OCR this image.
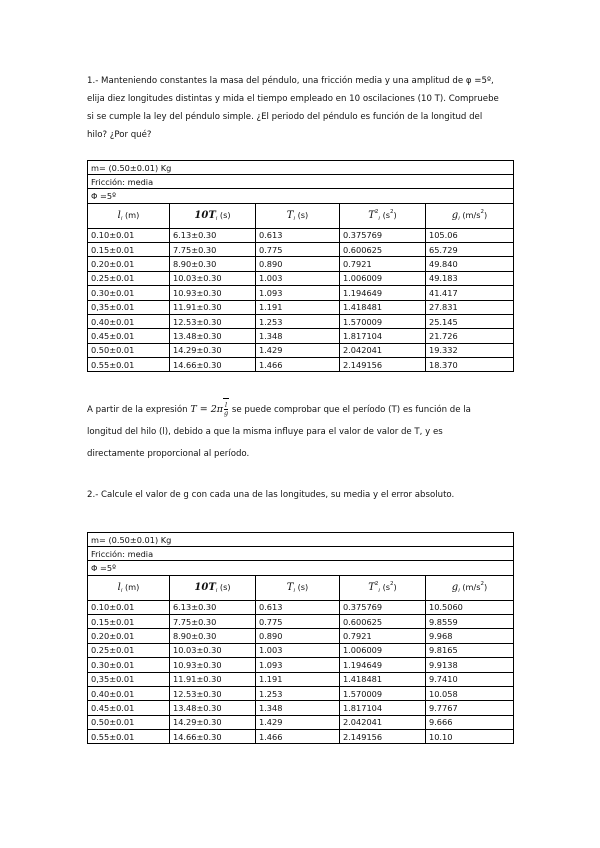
1.- Manteniendo constantes la masa del péndulo, una fricción media y una amplitud de φ =5º,
elija diez longitudes distintas y mida el tiempo empleado en 10 oscilaciones (10 T). Compruebe
si se cumple la ley del péndulo simple. ¿El periodo del péndulo es función de la longitud del
hilo? ¿Por qué?
m= (0.50±0.01) Kg				
Fricción: media				
Φ =5º				
$l_i$ (m)	$10T_i$ (s)	$T_i$ (s)	$T^2_i$ $(s^2)$	$g_i$ $(m/s^2)$
0.10±0.01	6.13±0.30	0.613	0.375769	105.06
0.15±0.01	7.75±0.30	0.775	0.600625	65.729
0.20±0.01	8.90±0.30	0.890	0.7921	49.840
0.25±0.01	10.03±0.30	1.003	1.006009	49.183
0.30±0.01	10.93±0.30	1.093	1.194649	41.417
0,35±0.01	11.91±0.30	1.191	1.418481	27.831
0.40±0.01	12.53±0.30	1.253	1.570009	25.145
0.45±0.01	13.48±0.30	1.348	1.817104	21.726
0.50±0.01	14.29±0.30	1.429	2.042041	19.332
0.55±0.01	14.66±0.30	1.466	2.149156	18.370
A partir de la expresión $T = 2\pi \frac{l}{g}$ se puede comprobar que el período (T) es función de la
longitud del hilo (l), debido a que la misma influye para el valor de valor de T, y es
directamente proporcional al período.
2.- Calcule el valor de g con cada una de las longitudes, su media y el error absoluto.
m= (0.50±0.01) Kg				
Fricción: media				
Φ =5º				
$l_i$ (m)	$10T_i$ (s)	$T_i$ (s)	$T^2_i$ $(s^2)$	$g_i$ $(m/s^2)$
0.10±0.01	6.13±0.30	0.613	0.375769	10.5060
0.15±0.01	7.75±0.30	0.775	0.600625	9.8559
0.20±0.01	8.90±0.30	0.890	0.7921	9.968
0.25±0.01	10.03±0.30	1.003	1.006009	9.8165
0.30±0.01	10.93±0.30	1.093	1.194649	9.9138
0,35±0.01	11.91±0.30	1.191	1.418481	9.7410
0.40±0.01	12.53±0.30	1.253	1.570009	10.058
0.45±0.01	13.48±0.30	1.348	1.817104	9.7767
0.50±0.01	14.29±0.30	1.429	2.042041	9.666
0.55±0.01	14.66±0.30	1.466	2.149156	10.10
